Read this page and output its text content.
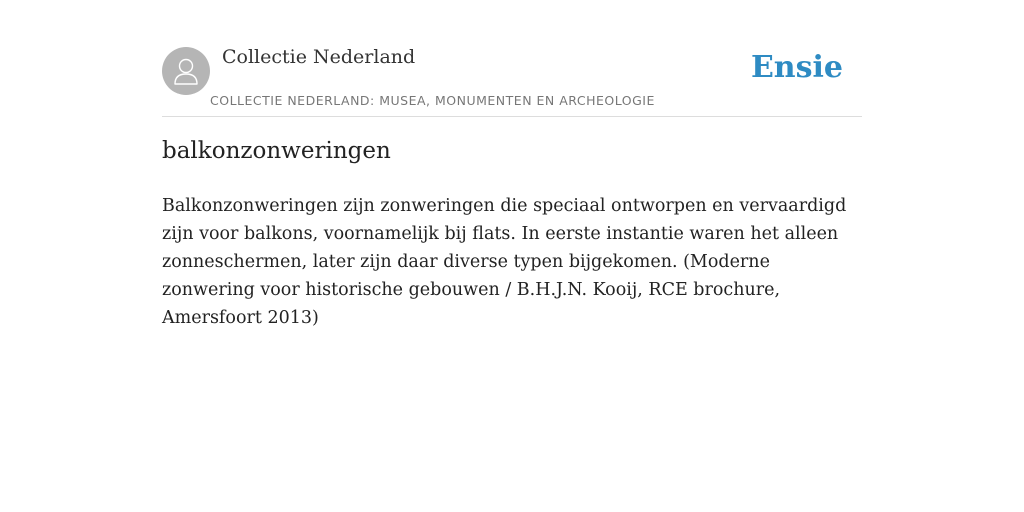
Collectie Nederland
COLLECTIE NEDERLAND: MUSEA, MONUMENTEN EN ARCHEOLOGIE
Ensie
balkonzonweringen

Balkonzonweringen zijn zonweringen die speciaal ontworpen en vervaardigd zijn voor balkons, voornamelijk bij flats. In eerste instantie waren het alleen zonneschermen, later zijn daar diverse typen bijgekomen. (Moderne zonwering voor historische gebouwen / B.H.J.N. Kooij, RCE brochure, Amersfoort 2013)
